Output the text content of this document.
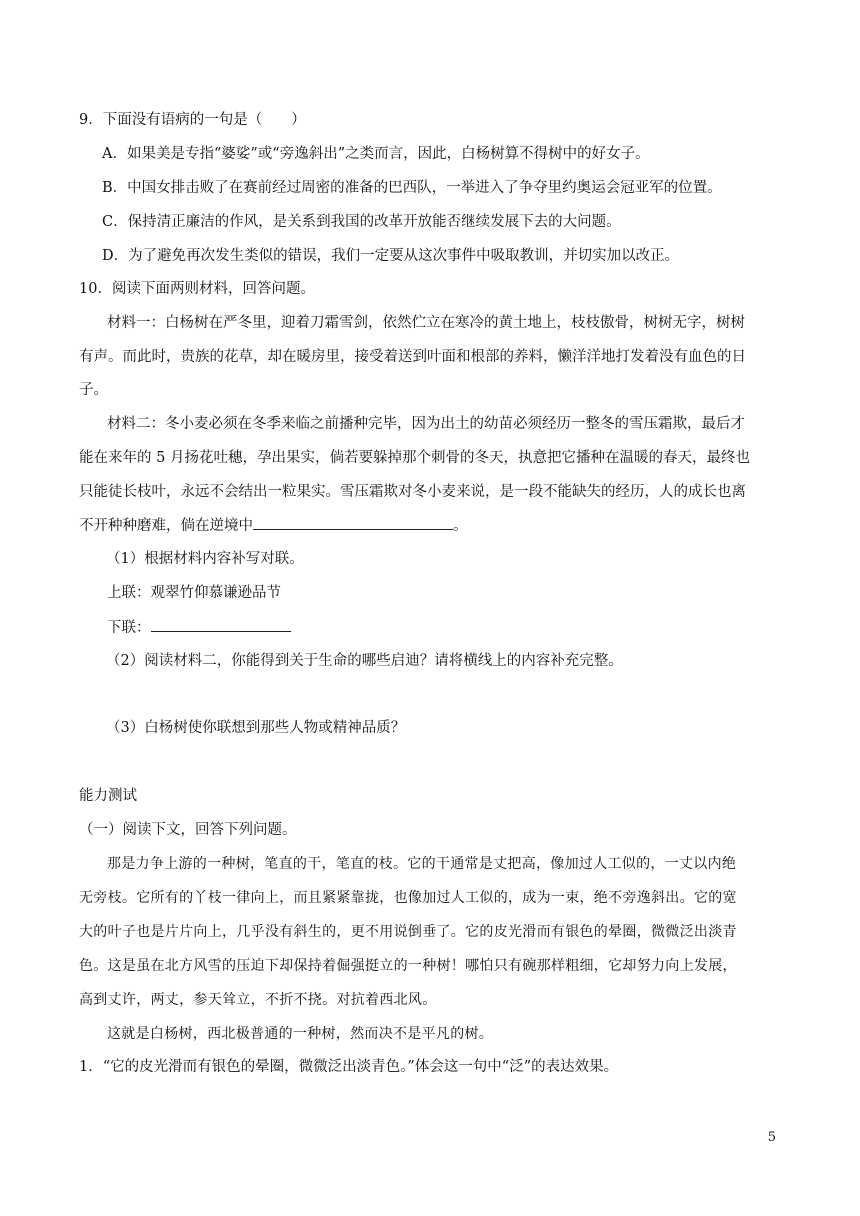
9．下面没有语病的一句是（　　）
A．如果美是专指“婆娑”或“旁逸斜出”之类而言，因此，白杨树算不得树中的好女子。
B．中国女排击败了在赛前经过周密的准备的巴西队，一举进入了争夺里约奥运会冠亚军的位置。
C．保持清正廉洁的作风，是关系到我国的改革开放能否继续发展下去的大问题。
D．为了避免再次发生类似的错误，我们一定要从这次事件中吸取教训，并切实加以改正。
10．阅读下面两则材料，回答问题。
材料一：白杨树在严冬里，迎着刀霜雪剑，依然伫立在寒冷的黄土地上，枝枝傲骨，树树无字，树树
有声。而此时，贵族的花草，却在暖房里，接受着送到叶面和根部的养料，懒洋洋地打发着没有血色的日
子。
材料二：冬小麦必须在冬季来临之前播种完毕，因为出土的幼苗必须经历一整冬的雪压霜欺，最后才
能在来年的 5 月扬花吐穗，孕出果实，倘若要躲掉那个刺骨的冬天，执意把它播种在温暖的春天，最终也
只能徒长枝叶，永远不会结出一粒果实。雪压霜欺对冬小麦来说，是一段不能缺失的经历，人的成长也离
不开种种磨难，倘在逆境中	。
（1）根据材料内容补写对联。
上联：观翠竹仰慕谦逊品节
下联：
（2）阅读材料二，你能得到关于生命的哪些启迪？请将横线上的内容补充完整。
（3）白杨树使你联想到那些人物或精神品质？
能力测试
（一）阅读下文，回答下列问题。
那是力争上游的一种树，笔直的干，笔直的枝。它的干通常是丈把高，像加过人工似的，一丈以内绝
无旁枝。它所有的丫枝一律向上，而且紧紧靠拢，也像加过人工似的，成为一束，绝不旁逸斜出。它的宽
大的叶子也是片片向上，几乎没有斜生的，更不用说倒垂了。它的皮光滑而有银色的晕圈，微微泛出淡青
色。这是虽在北方风雪的压迫下却保持着倔强挺立的一种树！哪怕只有碗那样粗细，它却努力向上发展，
高到丈许，两丈，参天耸立，不折不挠。对抗着西北风。
这就是白杨树，西北极普通的一种树，然而决不是平凡的树。
1．“它的皮光滑而有银色的晕圈，微微泛出淡青色。”体会这一句中“泛”的表达效果。
5
